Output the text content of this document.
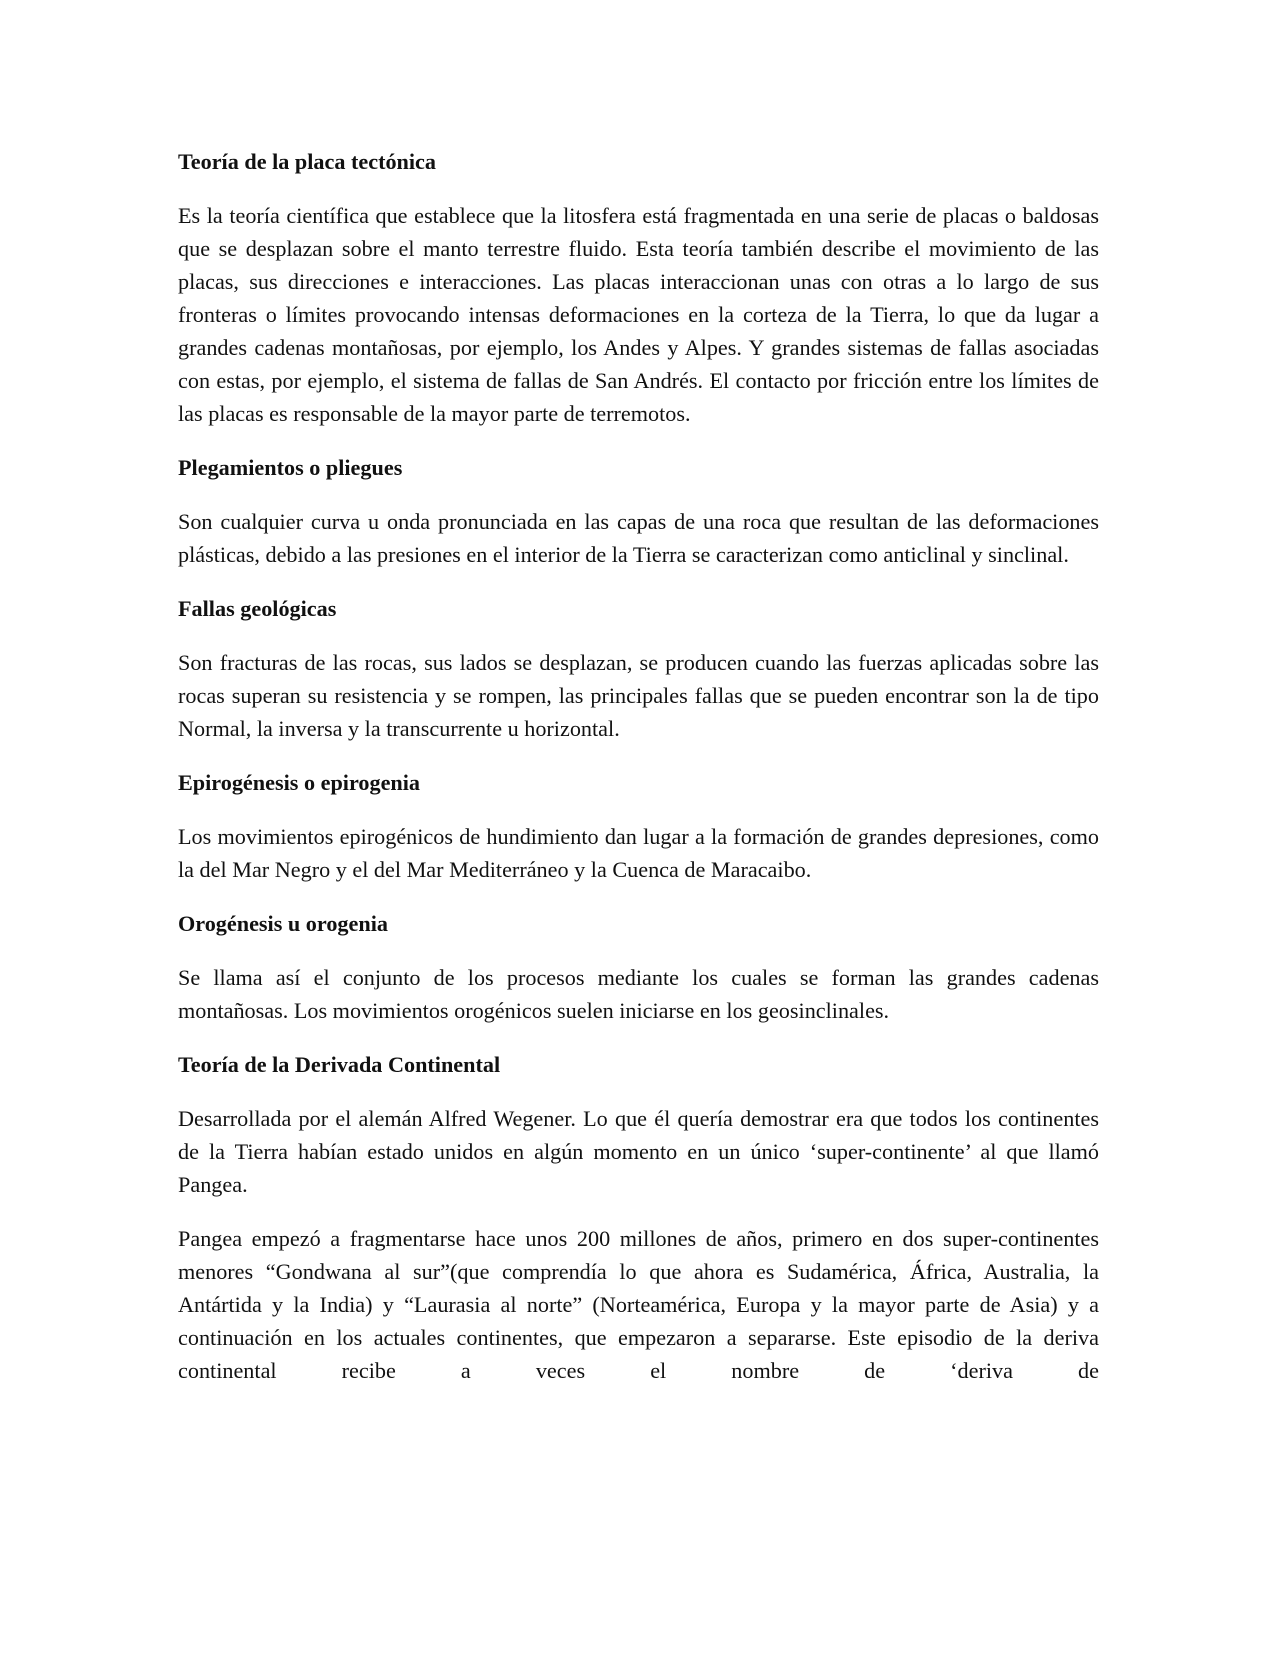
Teoría de la placa tectónica

Es la teoría científica que establece que la litosfera está fragmentada en una serie de placas o baldosas que se desplazan sobre el manto terrestre fluido. Esta teoría también describe el movimiento de las placas, sus direcciones e interacciones. Las placas interaccionan unas con otras a lo largo de sus fronteras o límites provocando intensas deformaciones en la corteza de la Tierra, lo que da lugar a grandes cadenas montañosas, por ejemplo, los Andes y Alpes. Y grandes sistemas de fallas asociadas con estas, por ejemplo, el sistema de fallas de San Andrés. El contacto por fricción entre los límites de las placas es responsable de la mayor parte de terremotos.

Plegamientos o pliegues

Son cualquier curva u onda pronunciada en las capas de una roca que resultan de las deformaciones plásticas, debido a las presiones en el interior de la Tierra se caracterizan como anticlinal y sinclinal.

Fallas geológicas

Son fracturas de las rocas, sus lados se desplazan, se producen cuando las fuerzas aplicadas sobre las rocas superan su resistencia y se rompen, las principales fallas que se pueden encontrar son la de tipo Normal, la inversa y la transcurrente u horizontal.

Epirogénesis o epirogenia

Los movimientos epirogénicos de hundimiento dan lugar a la formación de grandes depresiones, como la del Mar Negro y el del Mar Mediterráneo y la Cuenca de Maracaibo.

Orogénesis u orogenia

Se llama así el conjunto de los procesos mediante los cuales se forman las grandes cadenas montañosas. Los movimientos orogénicos suelen iniciarse en los geosinclinales.

Teoría de la Derivada Continental

Desarrollada por el alemán Alfred Wegener. Lo que él quería demostrar era que todos los continentes de la Tierra habían estado unidos en algún momento en un único ‘super-continente’ al que llamó Pangea.

Pangea empezó a fragmentarse hace unos 200 millones de años, primero en dos super-continentes menores “Gondwana al sur”(que comprendía lo que ahora es Sudamérica, África, Australia, la Antártida y la India) y “Laurasia al norte” (Norteamérica, Europa y la mayor parte de Asia) y a continuación en los actuales continentes, que empezaron a separarse. Este episodio de la deriva continental recibe a veces el nombre de ‘deriva de
